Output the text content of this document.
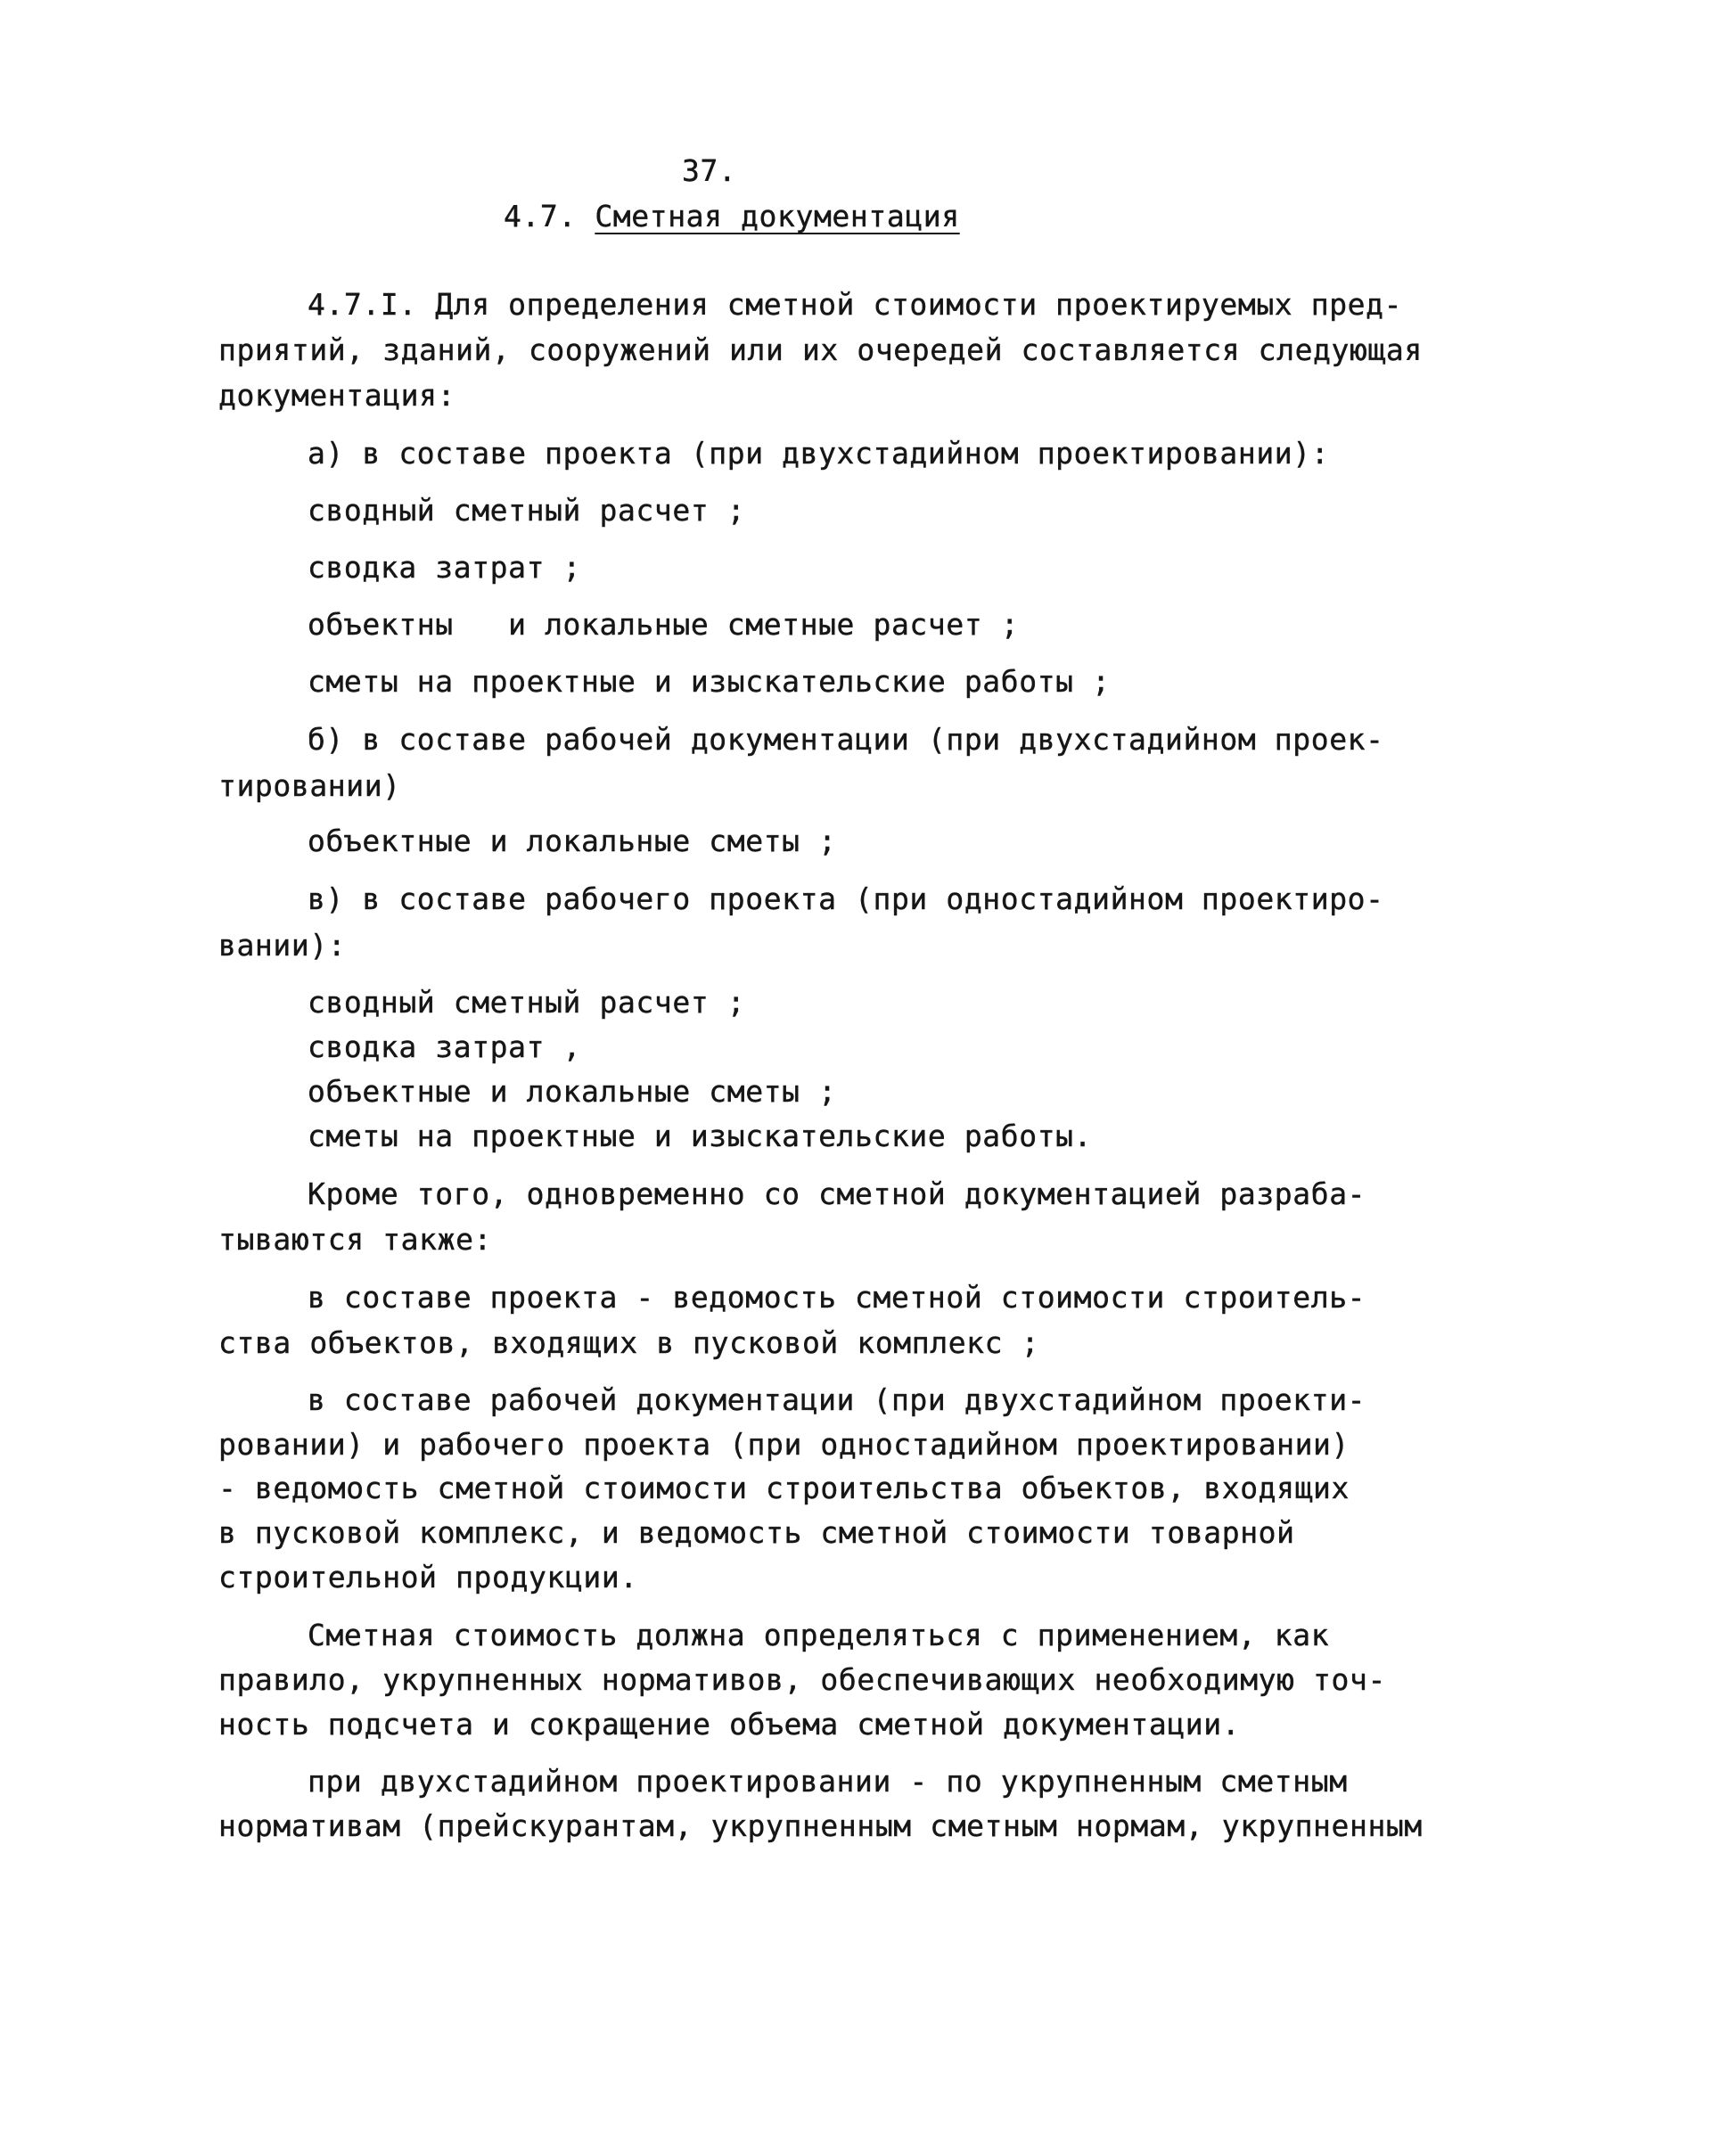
37.
4.7. Сметная документация
4.7.I. Для определения сметной стоимости проектируемых пред-
приятий, зданий, сооружений или их очередей составляется следующая
документация:
а) в составе проекта (при двухстадийном проектировании):
сводный сметный расчет ;
сводка затрат ;
объектны   и локальные сметные расчет ;
сметы на проектные и изыскательские работы ;
б) в составе рабочей документации (при двухстадийном проек-
тировании)
объектные и локальные сметы ;
в) в составе рабочего проекта (при одностадийном проектиро-
вании):
сводный сметный расчет ;
сводка затрат ,
объектные и локальные сметы ;
сметы на проектные и изыскательские работы.
Кроме того, одновременно со сметной документацией разраба-
тываются также:
в составе проекта - ведомость сметной стоимости строитель-
ства объектов, входящих в пусковой комплекс ;
в составе рабочей документации (при двухстадийном проекти-
ровании) и рабочего проекта (при одностадийном проектировании)
- ведомость сметной стоимости строительства объектов, входящих
в пусковой комплекс, и ведомость сметной стоимости товарной
строительной продукции.
Сметная стоимость должна определяться с применением, как
правило, укрупненных нормативов, обеспечивающих необходимую точ-
ность подсчета и сокращение объема сметной документации.
при двухстадийном проектировании - по укрупненным сметным
нормативам (прейскурантам, укрупненным сметным нормам, укрупненным
